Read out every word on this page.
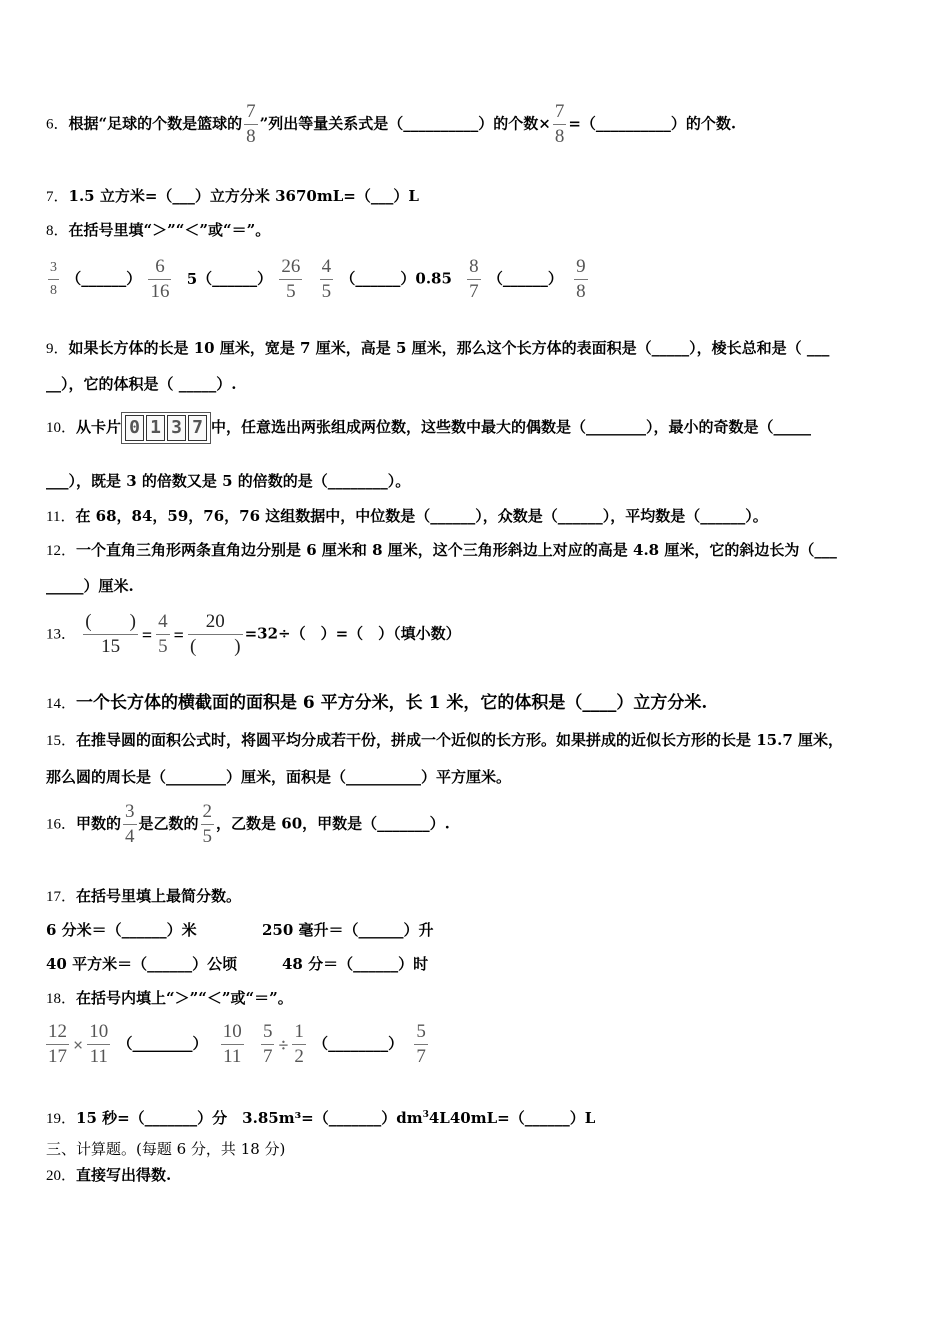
6．根据“足球的个数是篮球的 $\frac{7}{8}$ ”列出等量关系式是（__________）的个数× $\frac{7}{8}$ =（__________）的个数.
7．1.5 立方米=（___）立方分米 3670mL=（___）L
8．在括号里填“＞”“＜”或“＝”。
$\frac{3}{8}$ （______） $\frac{6}{16}$ 5（______） $\frac{26}{5}$
$\frac{4}{5}$ （______）0.85 $\frac{8}{7}$ （______） $\frac{9}{8}$
9．如果长方体的长是 10 厘米，宽是 7 厘米，高是 5 厘米，那么这个长方体的表面积是（_____），棱长总和是（ ___
__），它的体积是（ _____）.
10．从卡片 0 1 3 7 中，任意选出两张组成两位数，这些数中最大的偶数是（________），最小的奇数是（_____
___），既是 3 的倍数又是 5 的倍数的是（________）。
11．在 68，84，59，76，76 这组数据中，中位数是（______），众数是（______），平均数是（______）。
12．一个直角三角形两条直角边分别是 6 厘米和 8 厘米，这个三角形斜边上对应的高是 4.8 厘米，它的斜边长为（___
_____）厘米.
13． $\frac{( )}{15} = \frac{4}{5} = \frac{20}{( )} =32\div$（　）=（　）（填小数）
14．一个长方体的横截面的面积是 6 平方分米，长 1 米，它的体积是（____）立方分米.
15．在推导圆的面积公式时，将圆平均分成若干份，拼成一个近似的长方形。如果拼成的近似长方形的长是 15.7 厘米，
那么圆的周长是（________）厘米，面积是（__________）平方厘米。
16．甲数的 $\frac{3}{4}$ 是乙数的 $\frac{2}{5}$ ，乙数是 60，甲数是（_______）.
17．在括号里填上最简分数。
6 分米＝（______）米	250 毫升＝（______）升
40 平方米＝（______）公顷	48 分＝（______）时
18．在括号内填上“＞”“＜”或“＝”。
$\frac{12}{17} \times \frac{10}{11}$ （________） $\frac{10}{11}$
$\frac{5}{7} \div \frac{1}{2}$ （________） $\frac{5}{7}$
19．15 秒=（_______）分　$3.85m^3=(\_\_\_\_\_\_\_)dm^34L40mL=(\_\_\_\_\_\_)L$
三、计算题。(每题 6 分，共 18 分)
20．直接写出得数.
